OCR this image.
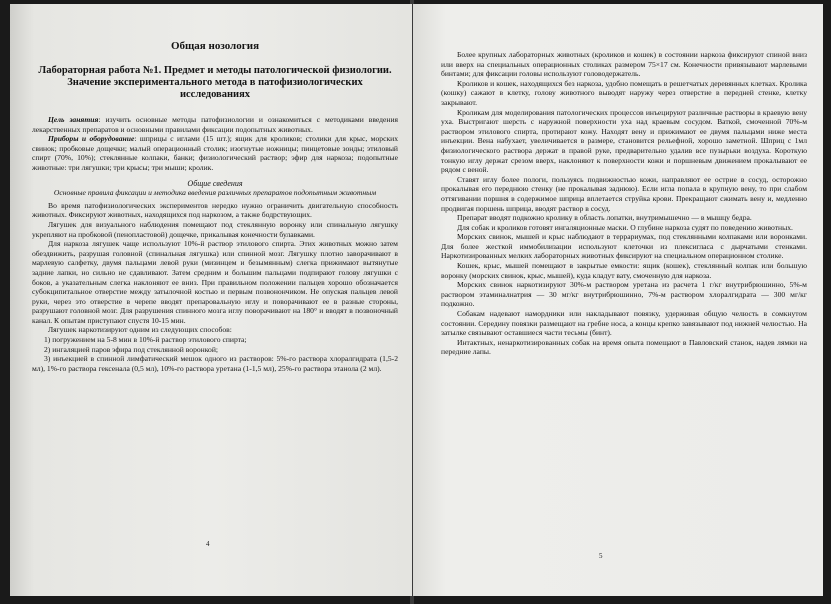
Общая нозология
Лабораторная работа №1. Предмет и методы патологической физиологии. Значение экспериментального метода в патофизиологических исследованиях

Цель занятия: изучить основные методы патофизиологии и ознакомиться с методиками введения лекарственных препаратов и основными правилами фиксации подопытных животных.

Приборы и оборудование: шприцы с иглами (15 шт.); ящик для кроликов; столики для крыс, морских свинок; пробковые дощечки; малый операционный столик; изогнутые ножницы; пинцетовые зонды; этиловый спирт (70%, 10%); стеклянные колпаки, банки; физиологический раствор; эфир для наркоза; подопытные животные: три лягушки; три крысы; три мыши; кролик.

Общие сведения
Основные правила фиксации и методика введения различных препаратов подопытным животным

Во время патофизиологических экспериментов нередко нужно ограничить двигательную способность животных. Фиксируют животных, находящихся под наркозом, а также бодрствующих.

Лягушек для визуального наблюдения помещают под стеклянную воронку или спинальную лягушку укрепляют на пробковой (пенопластовой) дощечке, прикалывая конечности булавками.

Для наркоза лягушек чаще используют 10%-й раствор этилового спирта. Этих животных можно затем обездвижить, разрушая головной (спинальная лягушка) или спинной мозг. Лягушку плотно заворачивают в марлевую салфетку, двумя пальцами левой руки (мизинцем и безымянным) слегка прижимают вытянутые задние лапки, но сильно не сдавливают. Затем средним и большим пальцами подпирают голову лягушки с боков, а указательным слегка наклоняют ее вниз. При правильном положении пальцев хорошо обозначается субокципитальное отверстие между затылочной костью и первым позвонончиком. Не опуская пальцев левой руки, через это отверстие в черепе вводят препаровальную иглу и поворачивают ее в разные стороны, разрушают головной мозг. Для разрушения спинного мозга иглу поворачивают на 180° и вводят в позвоночный канал. К опытам приступают спустя 10-15 мин.

Лягушек наркотизируют одним из следующих способов:

1) погружением на 5-8 мин в 10%-й раствор этилового спирта;

2) ингаляцией паров эфира под стеклянной воронкой;

3) инъекцией в спинной лимфатический мешок одного из растворов: 5%-го раствора хлоралгидрата (1,5-2 мл), 1%-го раствора гексенала (0,5 мл), 10%-го раствора уретана (1-1,5 мл), 25%-го раствора этанола (2 мл).

4

Более крупных лабораторных животных (кроликов и кошек) в состоянии наркоза фиксируют спиной вниз или вверх на специальных операционных столиках размером 75×17 см. Конечности привязывают марлевыми бинтами; для фиксации головы используют головодержатель.

Кроликов и кошек, находящихся без наркоза, удобно помещать в решетчатых деревянных клетках. Кролика (кошку) сажают в клетку, голову животного выводят наружу через отверстие в передней стенке, клетку закрывают.

Кроликам для моделирования патологических процессов инъецируют различные растворы в краевую вену уха. Выстригают шерсть с наружной поверхности уха над краевым сосудом. Ваткой, смоченной 70%-м раствором этилового спирта, протирают кожу. Находят вену и прижимают ее двумя пальцами ниже места инъекции. Вена набухает, увеличивается в размере, становится рельефной, хорошо заметной. Шприц с 1мл физиологического раствора держат в правой руке, предварительно удалив все пузырьки воздуха. Короткую тонкую иглу держат срезом вверх, наклоняют к поверхности кожи и поршневым движением прокалывают ее рядом с веной.

Ставят иглу более пологи, пользуясь подвижностью кожи, направляют ее острие в сосуд, осторожно прокалывая его переднюю стенку (не прокалывая заднюю). Если игла попала в крупную вену, то при слабом оттягивании поршня в содержимое шприца вплетается струйка крови. Прекращают сжимать вену и, медленно продвигая поршень шприца, вводят раствор в сосуд.

Препарат вводят подкожно кролику в область лопатки, внутримышечно — в мышцу бедра.

Для собак и кроликов готовят ингаляционные маски. О глубине наркоза судят по поведению животных.

Морских свинок, мышей и крыс наблюдают в террариумах, под стеклянными колпаками или воронками. Для более жесткой иммобилизации используют клеточки из плексигласа с дырчатыми стенками. Наркотизированных мелких лабораторных животных фиксируют на специальном операционном столике.

Кошек, крыс, мышей помещают в закрытые емкости: ящик (кошек), стеклянный колпак или большую воронку (морских свинок, крыс, мышей), куда кладут вату, смоченную для наркоза.

Морских свинок наркотизируют 30%-м раствором уретана из расчета 1 г/кг внутрибрюшинно, 5%-м раствором этаминалнатрия — 30 мг/кг внутрибрюшинно, 7%-м раствором хлоралгидрата — 300 мг/кг подкожно.

Собакам надевают намордники или накладывают повязку, удерживая общую челюсть в сомкнутом состоянии. Середину повязки размещают на гребне носа, а концы крепко завязывают под нижней челюстью. На затылке связывают оставшиеся части тесьмы (бинт).

Интактных, ненаркотизированных собак на время опыта помещают в Павловский станок, надев лямки на передние лапы.

5
